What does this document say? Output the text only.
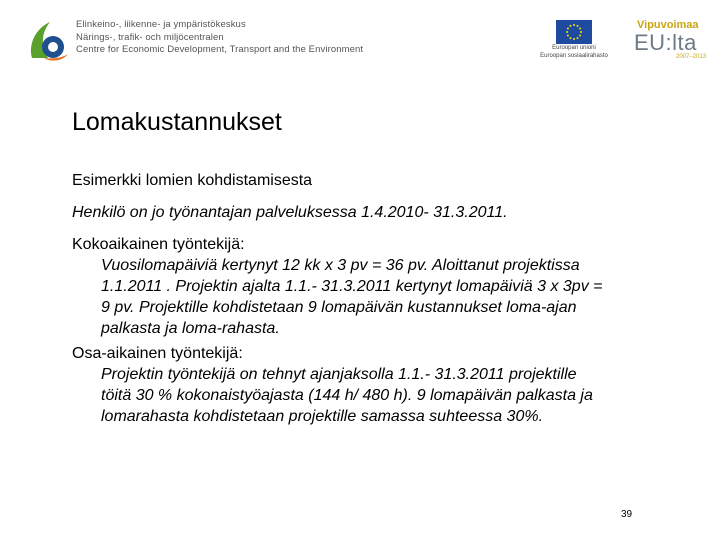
Elinkeino-, liikenne- ja ympäristökeskus
Närings-, trafik- och miljöcentralen
Centre for Economic Development, Transport and the Environment	Euroopan unioni
Euroopan sosiaalirahasto
Vipuvoimaa
EU:lta
2007–2013
Lomakustannukset
Esimerkki lomien kohdistamisesta
Henkilö on jo työnantajan palveluksessa 1.4.2010- 31.3.2011.
Kokoaikainen työntekijä:
Vuosilomapäiviä kertynyt 12 kk x 3 pv = 36 pv. Aloittanut projektissa
1.1.2011 . Projektin ajalta 1.1.- 31.3.2011 kertynyt lomapäiviä 3 x 3pv =
9 pv. Projektille kohdistetaan 9 lomapäivän kustannukset loma-ajan
palkasta ja loma-rahasta.
Osa-aikainen työntekijä:
Projektin työntekijä on tehnyt ajanjaksolla 1.1.- 31.3.2011 projektille
töitä 30 % kokonaistyöajasta (144 h/ 480 h). 9 lomapäivän palkasta ja
lomarahasta kohdistetaan projektille samassa suhteessa 30%.
39
